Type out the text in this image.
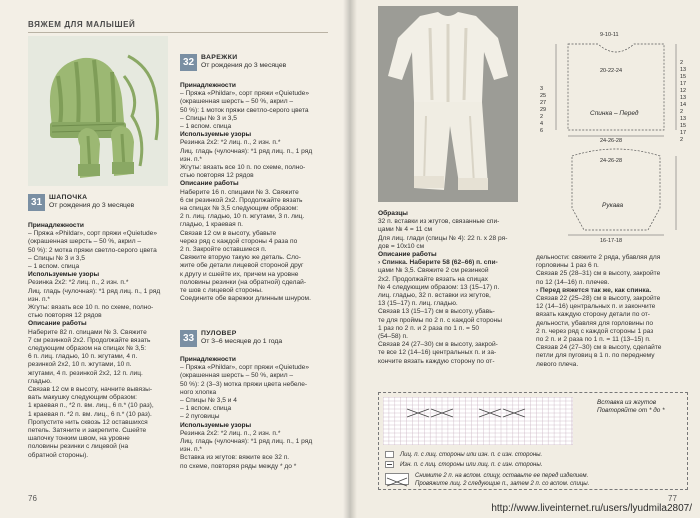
ВЯЖЕМ ДЛЯ МАЛЫШЕЙ
31	ШАПОЧКА
От рождения до 3 месяцев

Принадлежности

– Пряжа «Phildar», сорт пряжи «Quietude»

(окрашенная шерсть – 50 %, акрил –

50 %): 2 мотка пряжи светло-серого цвета

– Спицы № 3 и 3,5

– 1 вспом. спица

Используемые узоры

Резинка 2х2: *2 лиц. п., 2 изн. п.*

Лиц. гладь (чулочная): *1 ряд лиц. п., 1 ряд

изн. п.*

Жгуты: вязать все 10 п. по схеме, полно-

стью повторяя 12 рядов

Описание работы

Наберите 82 п. спицами № 3. Свяжите

7 см резинкой 2х2. Продолжайте вязать

следующим образом на спицах № 3,5:

6 п. лиц. гладью, 10 п. жгутами, 4 п.

резинкой 2х2, 10 п. жгутами, 10 п.

жгутами, 4 п. резинкой 2х2, 12 п. лиц.

гладью.

Связав 12 см в высоту, начните вывязы-

вать макушку следующим образом:

1 краевая п., *2 п. вм. лиц., 6 п.* (10 раз),

1 краевая п. *2 п. вм. лиц., 6 п.* (10 раз).

Пропустите нить сквозь 12 оставшихся

петель. Затяните и закрепите. Сшейте

шапочку тонким швом, на уровне

половины резинки с лицевой (на

обратной стороны).

32	ВАРЕЖКИ
От рождения до 3 месяцев

Принадлежности

– Пряжа «Phildar», сорт пряжи «Quietude»

(окрашенная шерсть – 50 %, акрил –

50 %): 1 моток пряжи светло-серого цвета

– Спицы № 3 и 3,5

– 1 вспом. спица

Используемые узоры

Резинка 2х2: *2 лиц. п., 2 изн. п.*

Лиц. гладь (чулочная): *1 ряд лиц. п., 1 ряд

изн. п.*

Жгуты: вязать все 10 п. по схеме, полно-

стью повторяя 12 рядов

Описание работы

Наберите 16 п. спицами № 3. Свяжите

6 см резинкой 2х2. Продолжайте вязать

на спицах № 3,5 следующим образом:

2 п. лиц. гладью, 10 п. жгутами, 3 п. лиц.

гладью, 1 краевая п.

Связав 12 см в высоту, убавьте

через ряд с каждой стороны 4 раза по

2 п. Закройте оставшиеся п.

Свяжите вторую такую же деталь. Сло-

жите обе детали лицевой стороной друг

к другу и сшейте их, причем на уровне

половины резинки (на обратной) сделай-

те шов с лицевой стороны.

Соедините обе варежки длинным шнуром.

33	ПУЛОВЕР
От 3–6 месяцев до 1 года

Принадлежности

– Пряжа «Phildar», сорт пряжи «Quietude»

(окрашенная шерсть – 50 %, акрил –

50 %): 2 (3–3) мотка пряжи цвета небеле-

ного хлопка

– Спицы № 3,5 и 4

– 1 вспом. спица

– 2 пуговицы

Используемые узоры

Резинка 2х2: *2 лиц. п., 2 изн. п.*

Лиц. гладь (чулочная): *1 ряд лиц. п., 1 ряд

изн. п.*

Вставка из жгутов: вяжите все 32 п.

по схеме, повторяя ряды между * до *

76
9-10-11
20-22-24
Спинка – Перед
24-26-28
24-26-28
Рукава
16-17-18
3
25
27
29
2
4
6
2
13
15
17
12
13
14
2
13
15
17
2

Образцы

32 п. вставки из жгутов, связанные спи-

цами № 4 = 11 см

Для лиц. глади (спицы № 4): 22 п. х 28 ря-

дов = 10х10 см

Описание работы

› Спинка. Наберите 58 (62–66) п. спи-

цами № 3,5. Свяжите 2 см резинкой

2х2. Продолжайте вязать на спицах

№ 4 следующим образом: 13 (15–17) п.

лиц. гладью, 32 п. вставки из жгутов,

13 (15–17) п. лиц. гладью.

Связав 13 (15–17) см в высоту, убавь-

те для проймы по 2 п. с каждой стороны

1 раз по 2 п. и 2 раза по 1 п. = 50

(54–58) п.

Связав 24 (27–30) см в высоту, закрой-

те все 12 (14–16) центральных п. и за-

кончите вязать каждую сторону по от-

дельности: свяжите 2 ряда, убавляя для

горловины 1 раз 6 п.

Связав 25 (28–31) см в высоту, закройте

по 12 (14–16) п. плечев.

› Перед вяжется так же, как спинка.

Связав 22 (25–28) см в высоту, закройте

12 (14–16) центральных п. и закончите

вязать каждую сторону детали по от-

дельности, убавляя для горловины по

2 п. через ряд с каждой стороны 1 раз

по 2 п. и 2 раза по 1 п. = 11 (13–15) п.

Связав 24 (27–30) см в высоту, сделайте

петли для пуговиц в 1 п. по переднему

левого плеча.

Вставка из жгутов
Повторяйте от * до *
Лиц. п. с лиц. стороны или изн. п. с изн. стороны.
Изн. п. с лиц. стороны или лиц. п. с изн. стороны.
Снимите 2 п. на вспом. спицу, оставьте ее перед изделием.
Провяжите лиц. 2 следующие п., затем 2 п. со вспом. спицы.
77
http://www.liveinternet.ru/users/lyudmila2807/
